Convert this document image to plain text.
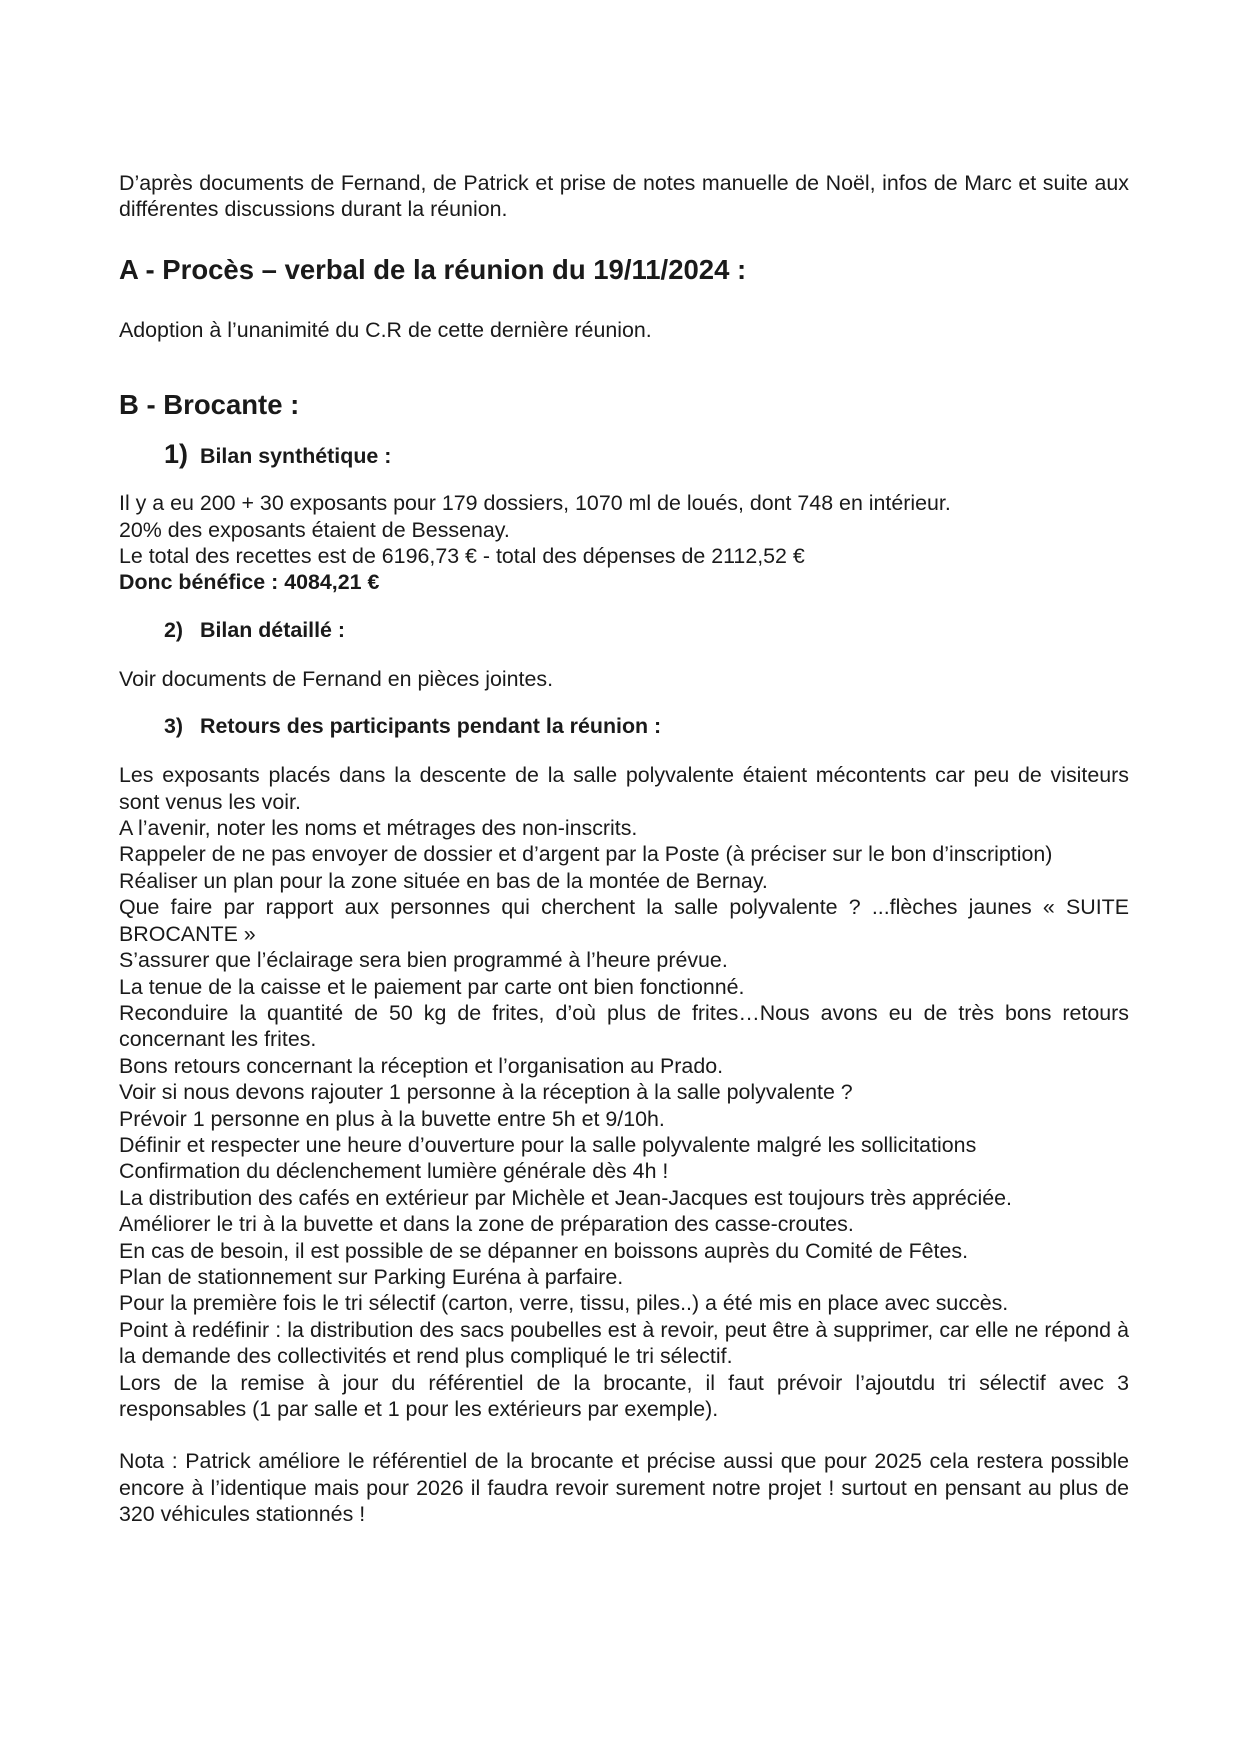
D’après documents de Fernand, de Patrick et prise de notes manuelle de Noël, infos de Marc et suite aux différentes discussions durant la réunion.

A - Procès – verbal de la réunion du 19/11/2024 :

Adoption à l’unanimité du C.R de cette dernière réunion.

B - Brocante :
1) Bilan synthétique :

Il y a eu 200 + 30 exposants pour 179 dossiers, 1070 ml de loués, dont 748 en intérieur.

20% des exposants étaient de Bessenay.

Le total des recettes est de 6196,73 € - total des dépenses de 2112,52 €

Donc bénéfice : 4084,21 €

2) Bilan détaillé :

Voir documents de Fernand en pièces jointes.

3) Retours des participants pendant la réunion :

Les exposants placés dans la descente de la salle polyvalente étaient mécontents car peu de visiteurs sont venus les voir.

A l’avenir, noter les noms et métrages des non-inscrits.

Rappeler de ne pas envoyer de dossier et d’argent par la Poste (à préciser sur le bon d’inscription)

Réaliser un plan pour la zone située en bas de la montée de Bernay.

Que faire par rapport aux personnes qui cherchent la salle polyvalente ? ...flèches jaunes « SUITE BROCANTE »

S’assurer que l’éclairage sera bien programmé à l’heure prévue.

La tenue de la caisse et le paiement par carte ont bien fonctionné.

Reconduire la quantité de 50 kg de frites, d’où plus de frites…Nous avons eu de très bons retours concernant les frites.

Bons retours concernant la réception et l’organisation au Prado.

Voir si nous devons rajouter 1 personne à la réception à la salle polyvalente ?

Prévoir 1 personne en plus à la buvette entre 5h et 9/10h.

Définir et respecter une heure d’ouverture pour la salle polyvalente malgré les sollicitations

Confirmation du déclenchement lumière générale dès 4h !

La distribution des cafés en extérieur par Michèle et Jean-Jacques est toujours très appréciée.

Améliorer le tri à la buvette et dans la zone de préparation des casse-croutes.

En cas de besoin, il est possible de se dépanner en boissons auprès du Comité de Fêtes.

Plan de stationnement sur Parking Euréna à parfaire.

Pour la première fois le tri sélectif (carton, verre, tissu, piles..) a été mis en place avec succès.

Point à redéfinir : la distribution des sacs poubelles est à revoir, peut être à supprimer, car elle ne répond à la demande des collectivités et rend plus compliqué le tri sélectif.

Lors de la remise à jour du référentiel de la brocante, il faut prévoir l’ajoutdu tri sélectif avec 3 responsables (1 par salle et 1 pour les extérieurs par exemple).

Nota : Patrick améliore le référentiel de la brocante et précise aussi que pour 2025 cela restera possible encore à l’identique mais pour 2026 il faudra revoir surement notre projet ! surtout en pensant au plus de 320 véhicules stationnés !
